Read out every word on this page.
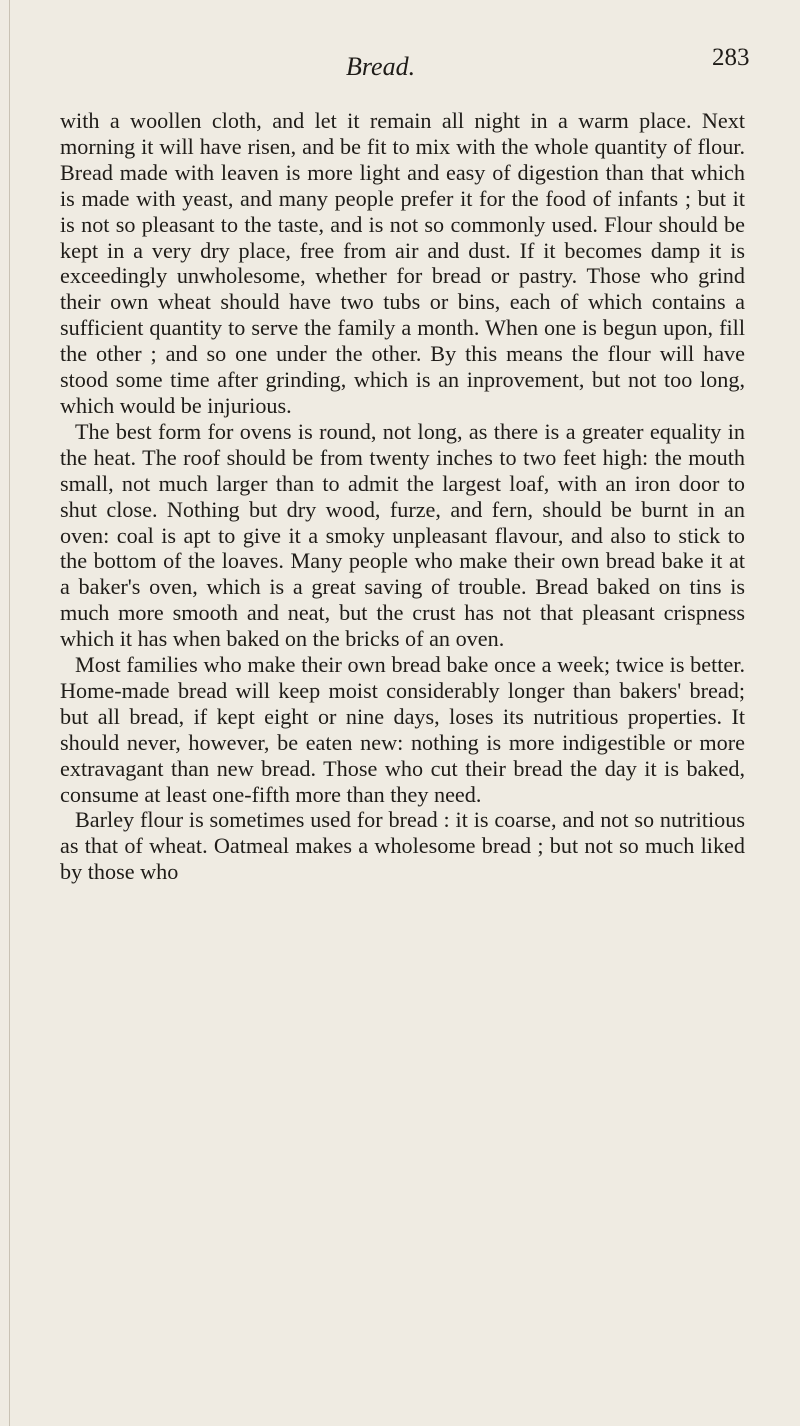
Bread.	283

with a woollen cloth, and let it remain all night in a warm place. Next morning it will have risen, and be fit to mix with the whole quantity of flour. Bread made with leaven is more light and easy of digestion than that which is made with yeast, and many people prefer it for the food of infants ; but it is not so pleasant to the taste, and is not so commonly used. Flour should be kept in a very dry place, free from air and dust. If it becomes damp it is exceedingly unwholesome, whether for bread or pastry. Those who grind their own wheat should have two tubs or bins, each of which contains a sufficient quantity to serve the family a month. When one is begun upon, fill the other ; and so one under the other. By this means the flour will have stood some time after grinding, which is an inprovement, but not too long, which would be injurious.

The best form for ovens is round, not long, as there is a greater equality in the heat. The roof should be from twenty inches to two feet high: the mouth small, not much larger than to admit the largest loaf, with an iron door to shut close. Nothing but dry wood, furze, and fern, should be burnt in an oven: coal is apt to give it a smoky unpleasant flavour, and also to stick to the bottom of the loaves. Many people who make their own bread bake it at a baker's oven, which is a great saving of trouble. Bread baked on tins is much more smooth and neat, but the crust has not that pleasant crispness which it has when baked on the bricks of an oven.

Most families who make their own bread bake once a week; twice is better. Home-made bread will keep moist considerably longer than bakers' bread; but all bread, if kept eight or nine days, loses its nutritious properties. It should never, however, be eaten new: nothing is more indigestible or more extravagant than new bread. Those who cut their bread the day it is baked, consume at least one-fifth more than they need.

Barley flour is sometimes used for bread : it is coarse, and not so nutritious as that of wheat. Oatmeal makes a wholesome bread ; but not so much liked by those who
